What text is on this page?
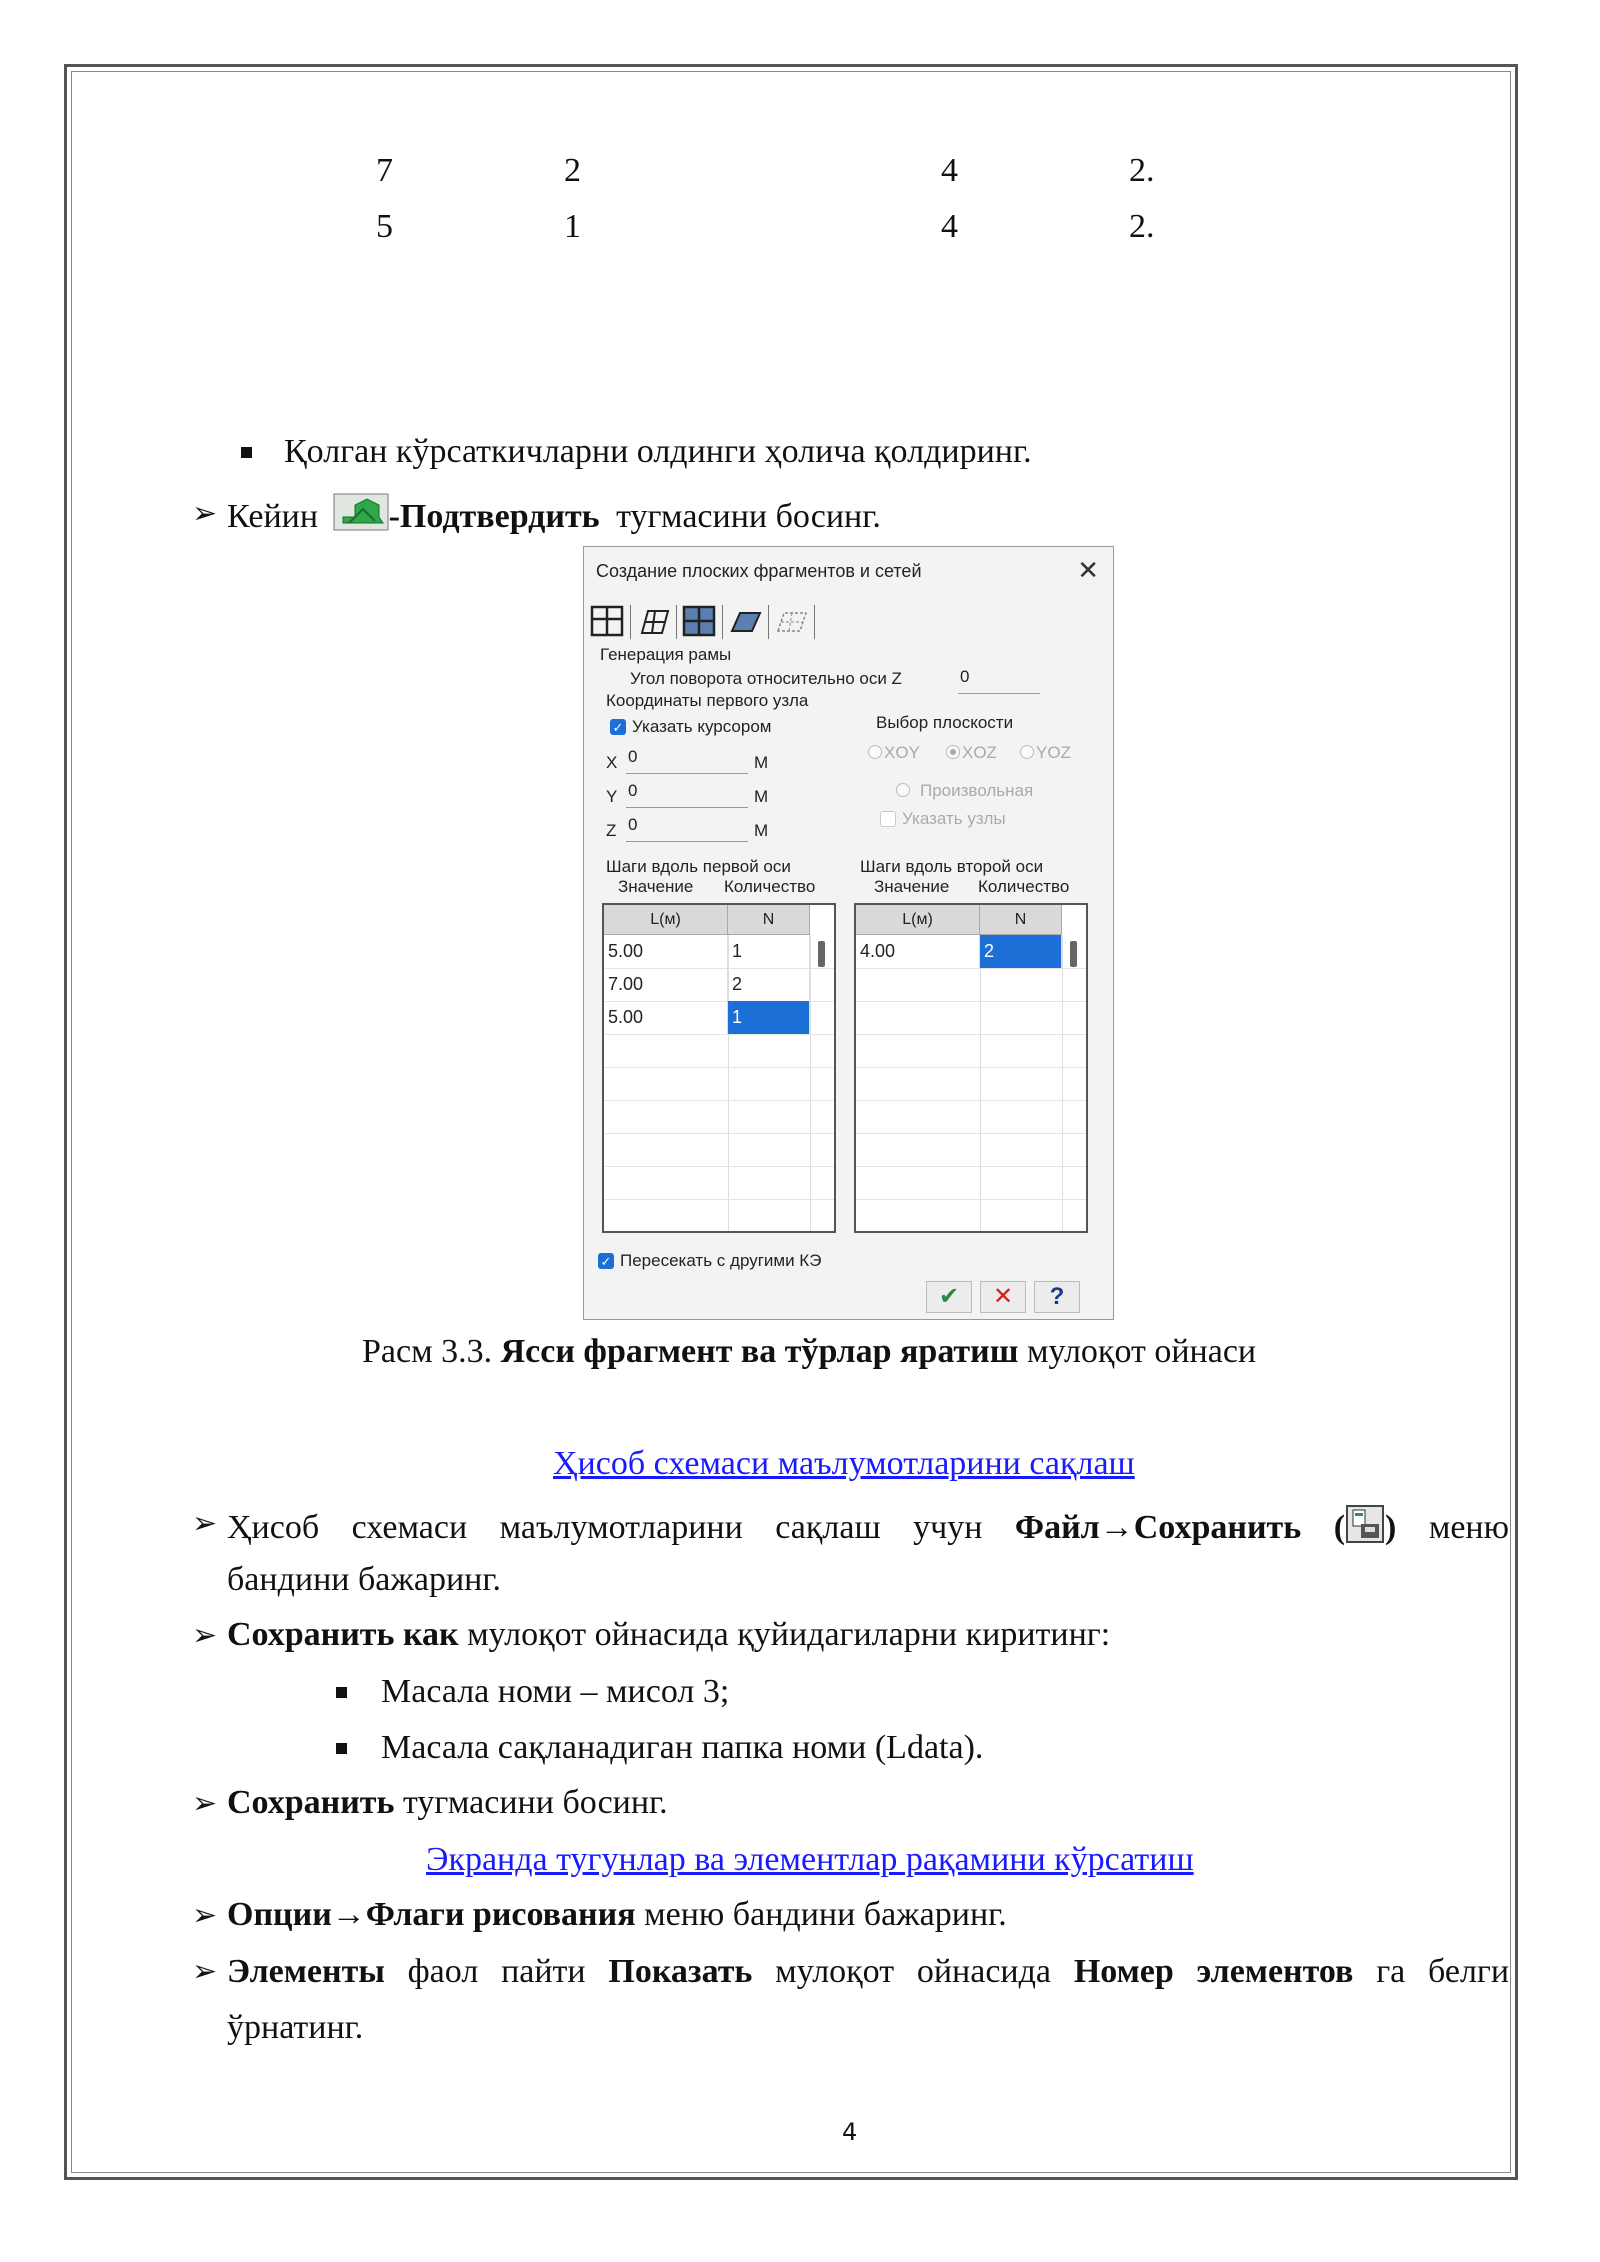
7	2	4	2.
5	1	4	2.
Қолган кўрсаткичларни олдинги ҳолича қолдиринг.
➢ Кейин -Подтвердить тугмасини босинг.
Создание плоских фрагментов и сетей	✕
Генерация рамы
Угол поворота относительно оси Z	0
Координаты первого узла
✓ Указать курсором
X 0	М
Y 0	М
Z 0	М
Выбор плоскости
XOY XOZ YOZ
Произвольная
Указать узлы
Шаги вдоль первой оси
Значение Количество
Шаги вдоль второй оси
Значение Количество
L(м)	N
5.00	1
7.00	2
5.00	1
L(м)	N
4.00	2
✓ Пересекать с другими КЭ
✔	✕	?
Расм 3.3. Ясси фрагмент ва тўрлар яратиш мулоқот ойнаси
Ҳисоб схемаси маълумотларини сақлаш
➢ Ҳисоб схемаси маълумотларини сақлаш учун Файл→Сохранить ( ) меню
бандини бажаринг.
➢ Сохранить как мулоқот ойнасида қуйидагиларни киритинг:
Масала номи – мисол 3;
Масала сақланадиган папка номи (Ldata).
➢ Сохранить тугмасини босинг.
Экранда тугунлар ва элементлар рақамини кўрсатиш
➢ Опции→Флаги рисования меню бандини бажаринг.
➢ Элементы фаол пайти Показать мулоқот ойнасида Номер элементов га белги
ўрнатинг.
4
